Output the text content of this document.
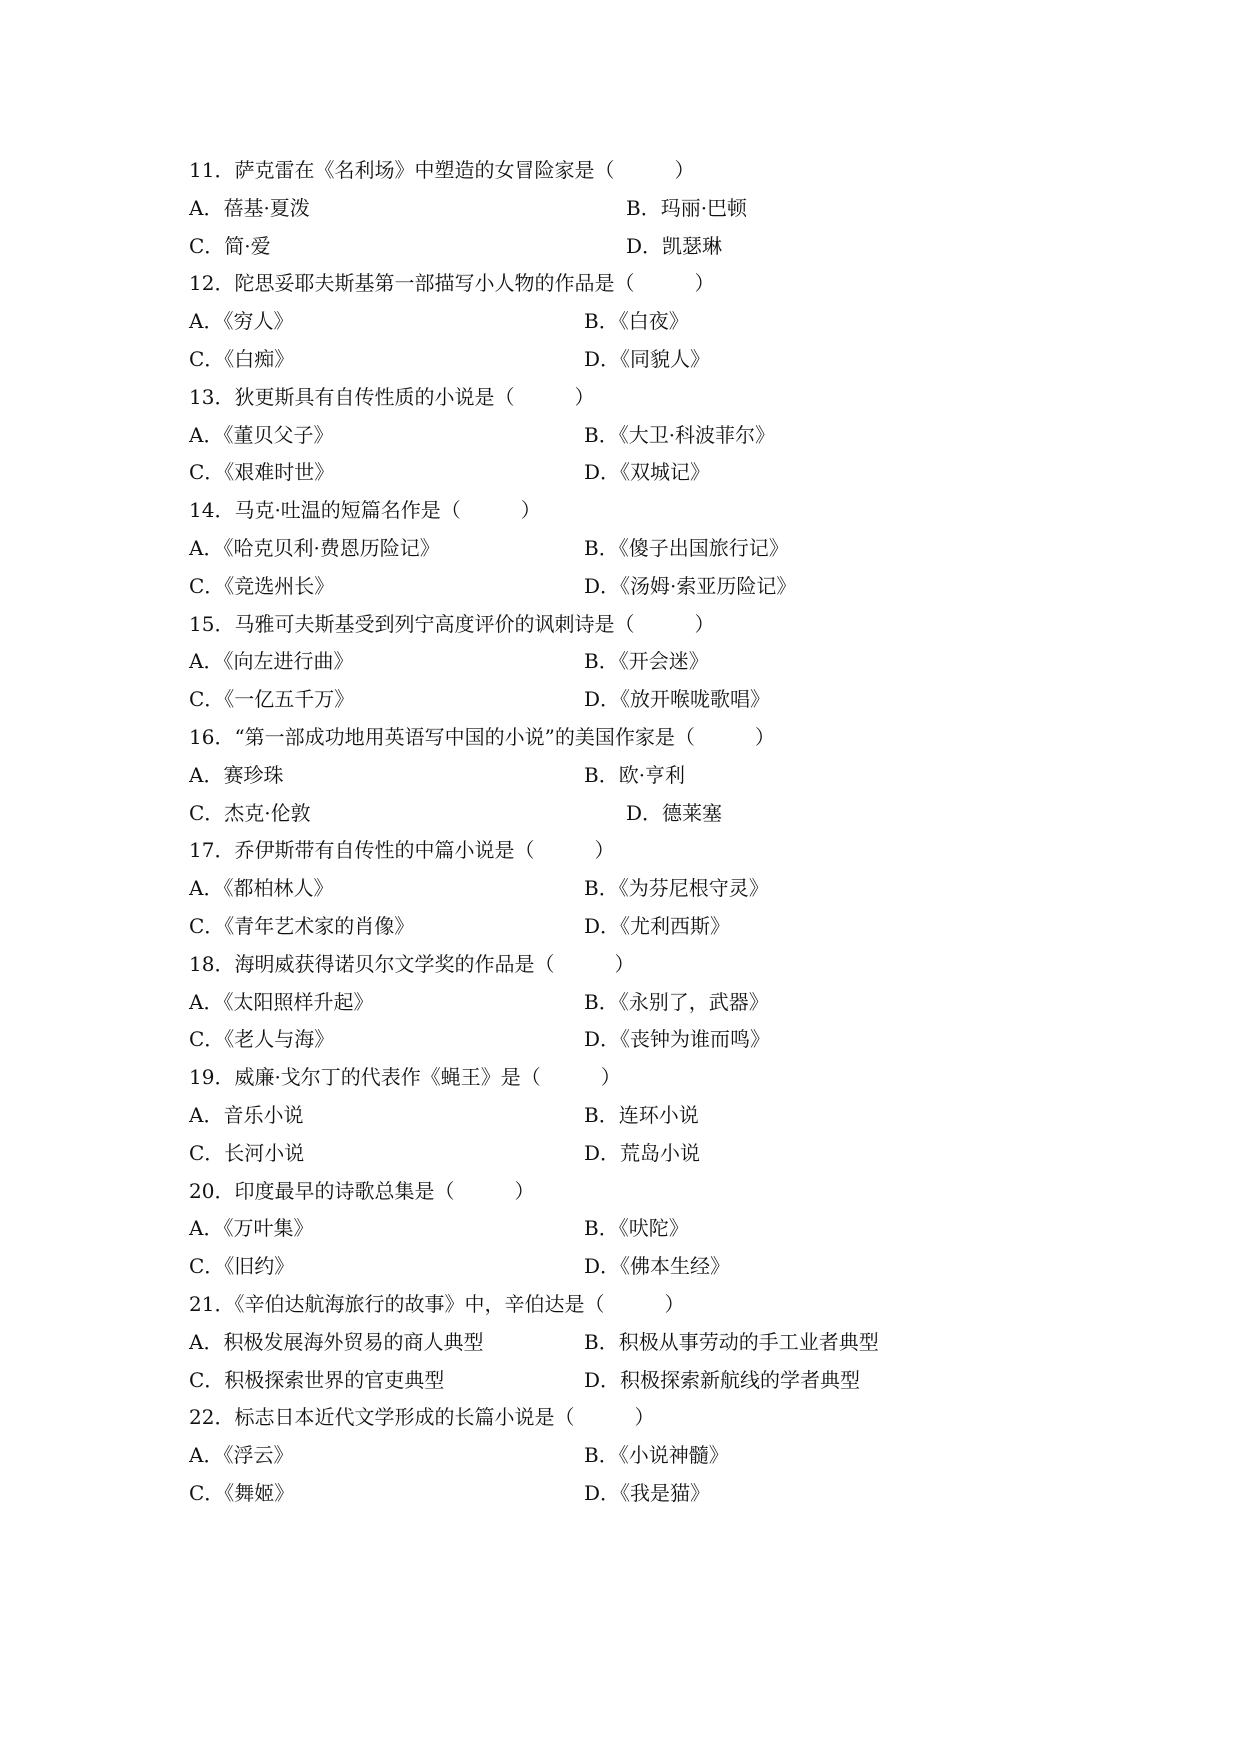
11．萨克雷在《名利场》中塑造的女冒险家是（　　　）
A．蓓基·夏泼	B．玛丽·巴顿
C．简·爱	D．凯瑟琳
12．陀思妥耶夫斯基第一部描写小人物的作品是（　　　）
A．《穷人》	B．《白夜》
C．《白痴》	D．《同貌人》
13．狄更斯具有自传性质的小说是（　　　）
A．《董贝父子》	B．《大卫·科波菲尔》
C．《艰难时世》	D．《双城记》
14．马克·吐温的短篇名作是（　　　）
A．《哈克贝利·费恩历险记》	B．《傻子出国旅行记》
C．《竞选州长》	D．《汤姆·索亚历险记》
15．马雅可夫斯基受到列宁高度评价的讽刺诗是（　　　）
A．《向左进行曲》	B．《开会迷》
C．《一亿五千万》	D．《放开喉咙歌唱》
16．“第一部成功地用英语写中国的小说”的美国作家是（　　　）
A．赛珍珠	B．欧·亨利
C．杰克·伦敦	D．德莱塞
17．乔伊斯带有自传性的中篇小说是（　　　）
A．《都柏林人》	B．《为芬尼根守灵》
C．《青年艺术家的肖像》	D．《尤利西斯》
18．海明威获得诺贝尔文学奖的作品是（　　　）
A．《太阳照样升起》	B．《永别了，武器》
C．《老人与海》	D．《丧钟为谁而鸣》
19．威廉·戈尔丁的代表作《蝇王》是（　　　）
A．音乐小说	B．连环小说
C．长河小说	D．荒岛小说
20．印度最早的诗歌总集是（　　　）
A．《万叶集》	B．《吠陀》
C．《旧约》	D．《佛本生经》
21．《辛伯达航海旅行的故事》中，辛伯达是（　　　）
A．积极发展海外贸易的商人典型	B．积极从事劳动的手工业者典型
C．积极探索世界的官吏典型	D．积极探索新航线的学者典型
22．标志日本近代文学形成的长篇小说是（　　　）
A．《浮云》	B．《小说神髓》
C．《舞姬》	D．《我是猫》
